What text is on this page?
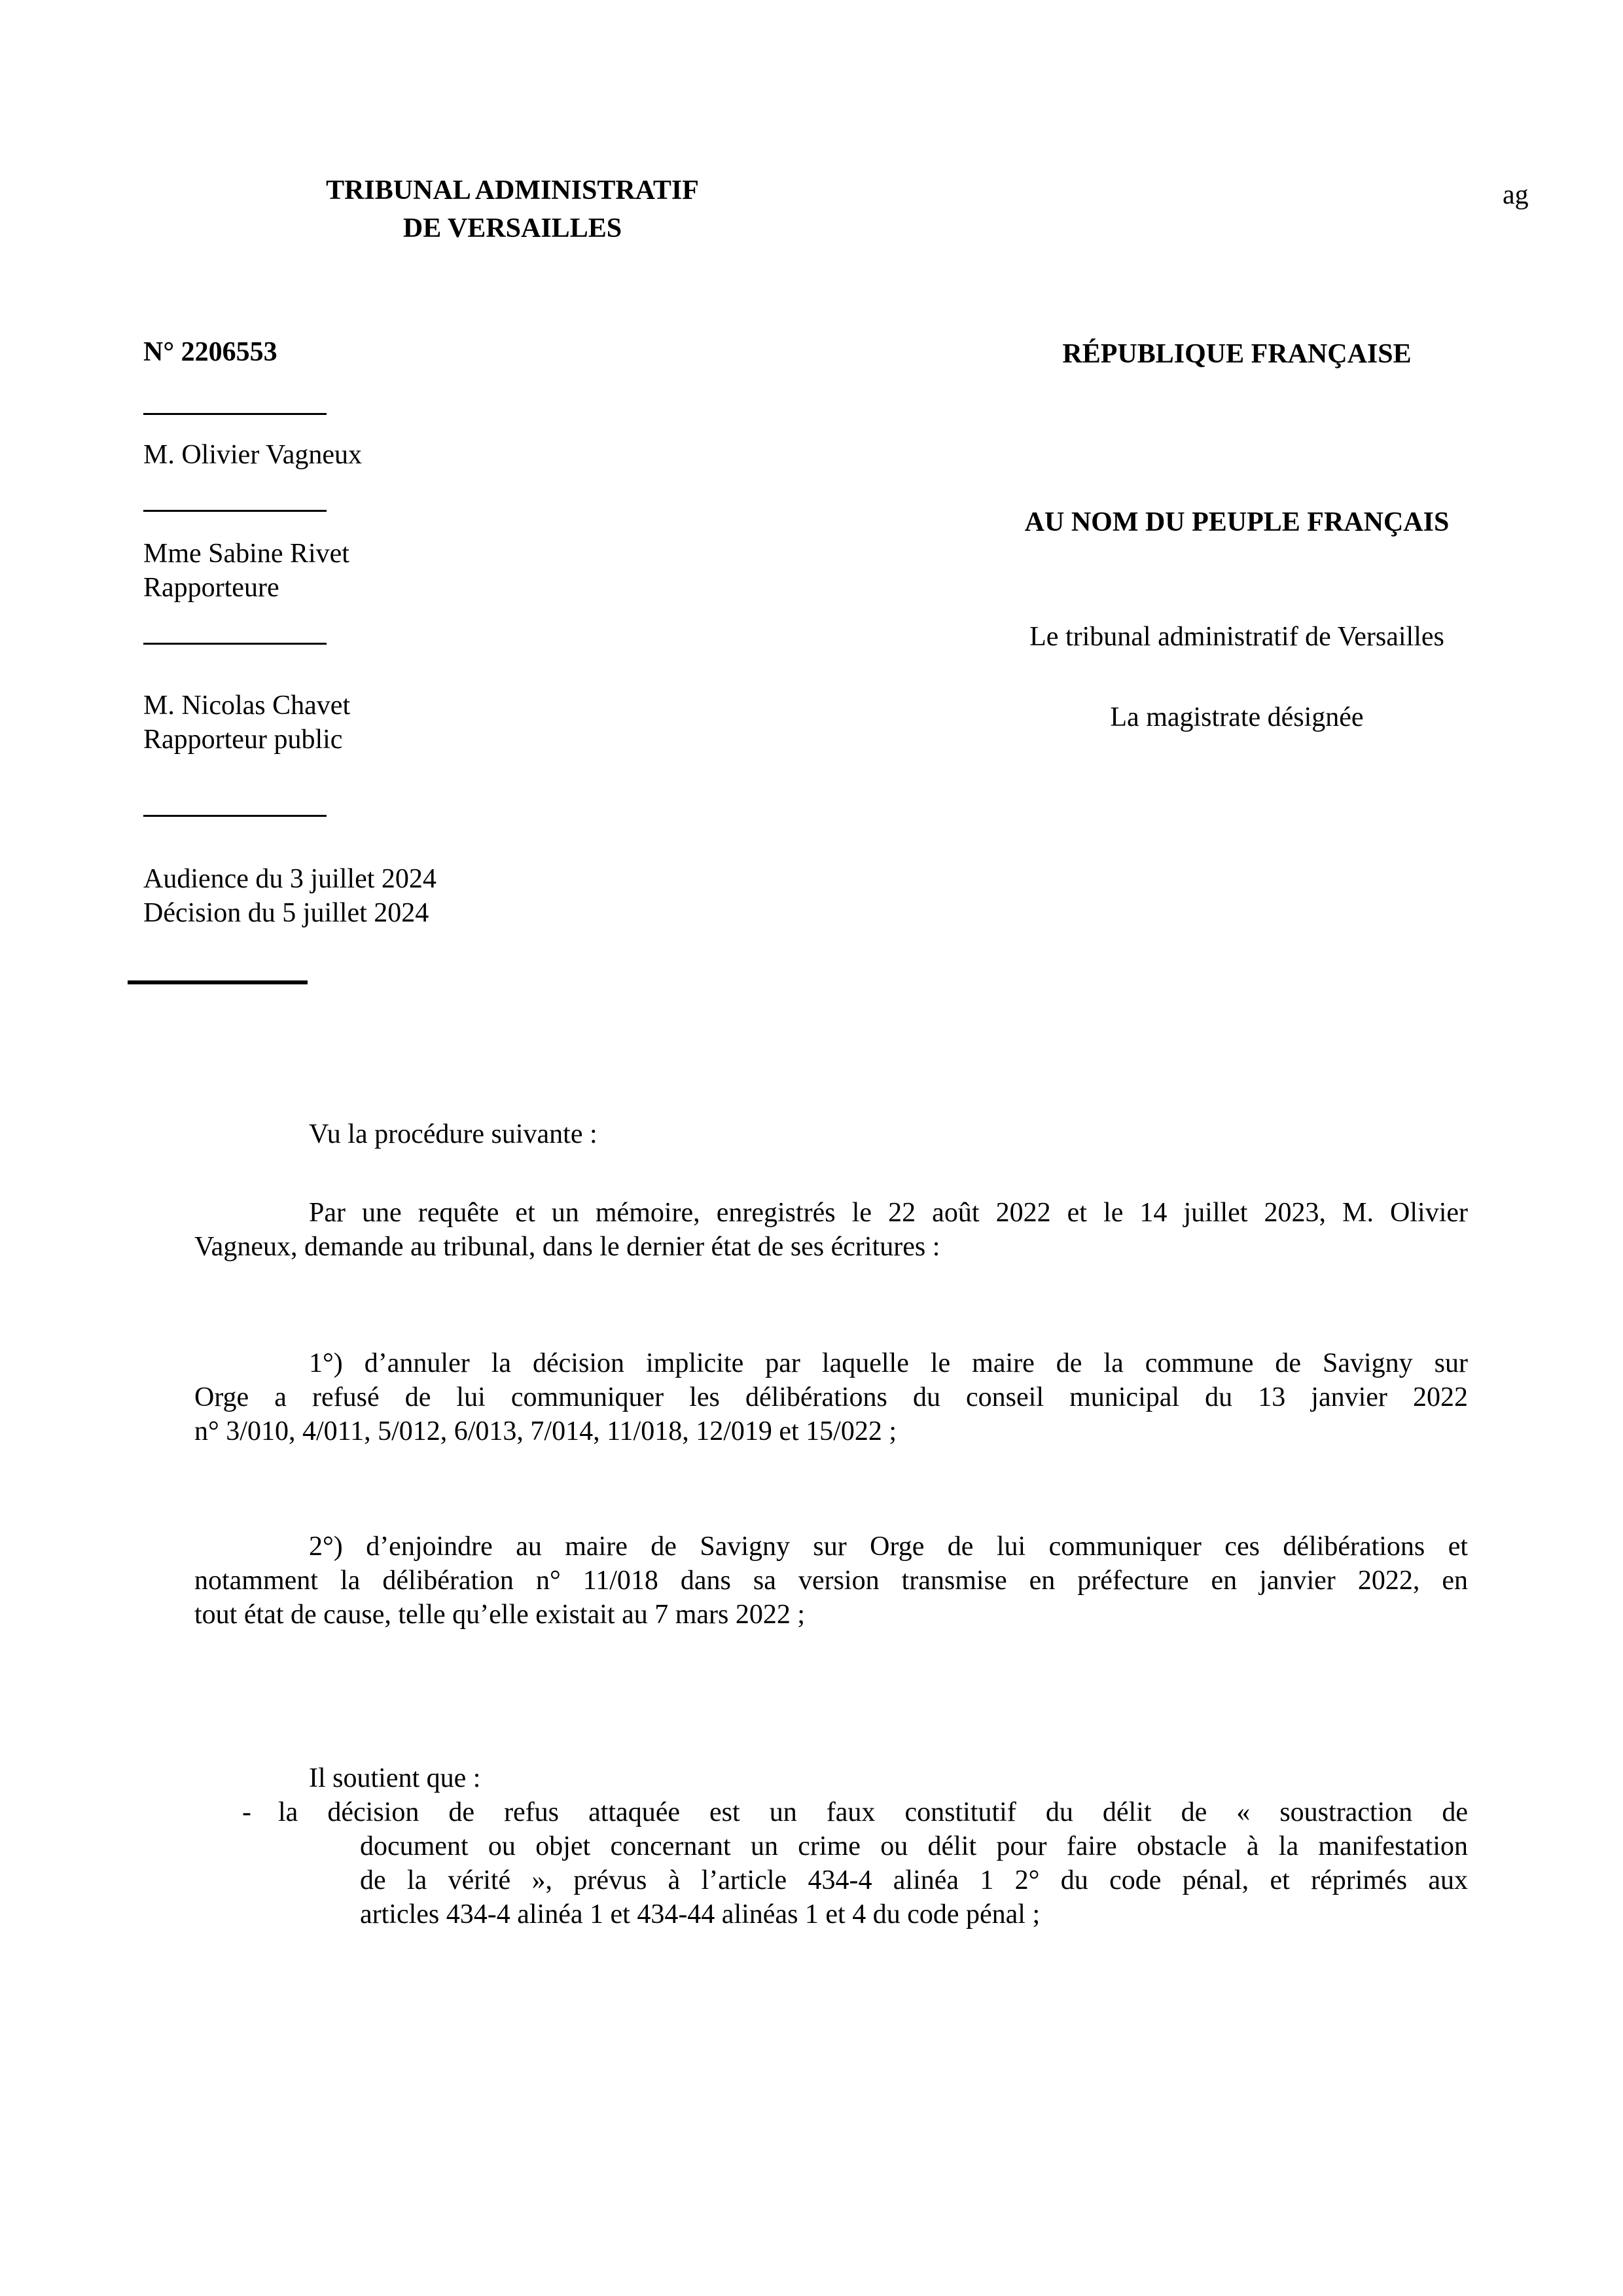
TRIBUNAL ADMINISTRATIF
DE VERSAILLES
ag
N° 2206553
M. Olivier Vagneux
Mme Sabine Rivet
Rapporteure
M. Nicolas Chavet
Rapporteur public
Audience du 3 juillet 2024
Décision du 5 juillet 2024
RÉPUBLIQUE FRANÇAISE
AU NOM DU PEUPLE FRANÇAIS
Le tribunal administratif de Versailles
La magistrate désignée
Vu la procédure suivante :
Par une requête et un mémoire, enregistrés le 22 août 2022 et le 14 juillet 2023, M. Olivier
Vagneux, demande au tribunal, dans le dernier état de ses écritures :
1°) d’annuler la décision implicite par laquelle le maire de la commune de Savigny sur
Orge a refusé de lui communiquer les délibérations du conseil municipal du 13 janvier 2022
n° 3/010, 4/011, 5/012, 6/013, 7/014, 11/018, 12/019 et 15/022 ;
2°) d’enjoindre au maire de Savigny sur Orge de lui communiquer ces délibérations et
notamment la délibération n° 11/018 dans sa version transmise en préfecture en janvier 2022, en
tout état de cause, telle qu’elle existait au 7 mars 2022 ;
Il soutient que :
- la décision de refus attaquée est un faux constitutif du délit de « soustraction de
document ou objet concernant un crime ou délit pour faire obstacle à la manifestation
de la vérité », prévus à l’article 434-4 alinéa 1 2° du code pénal, et réprimés aux
articles 434-4 alinéa 1 et 434-44 alinéas 1 et 4 du code pénal ;
